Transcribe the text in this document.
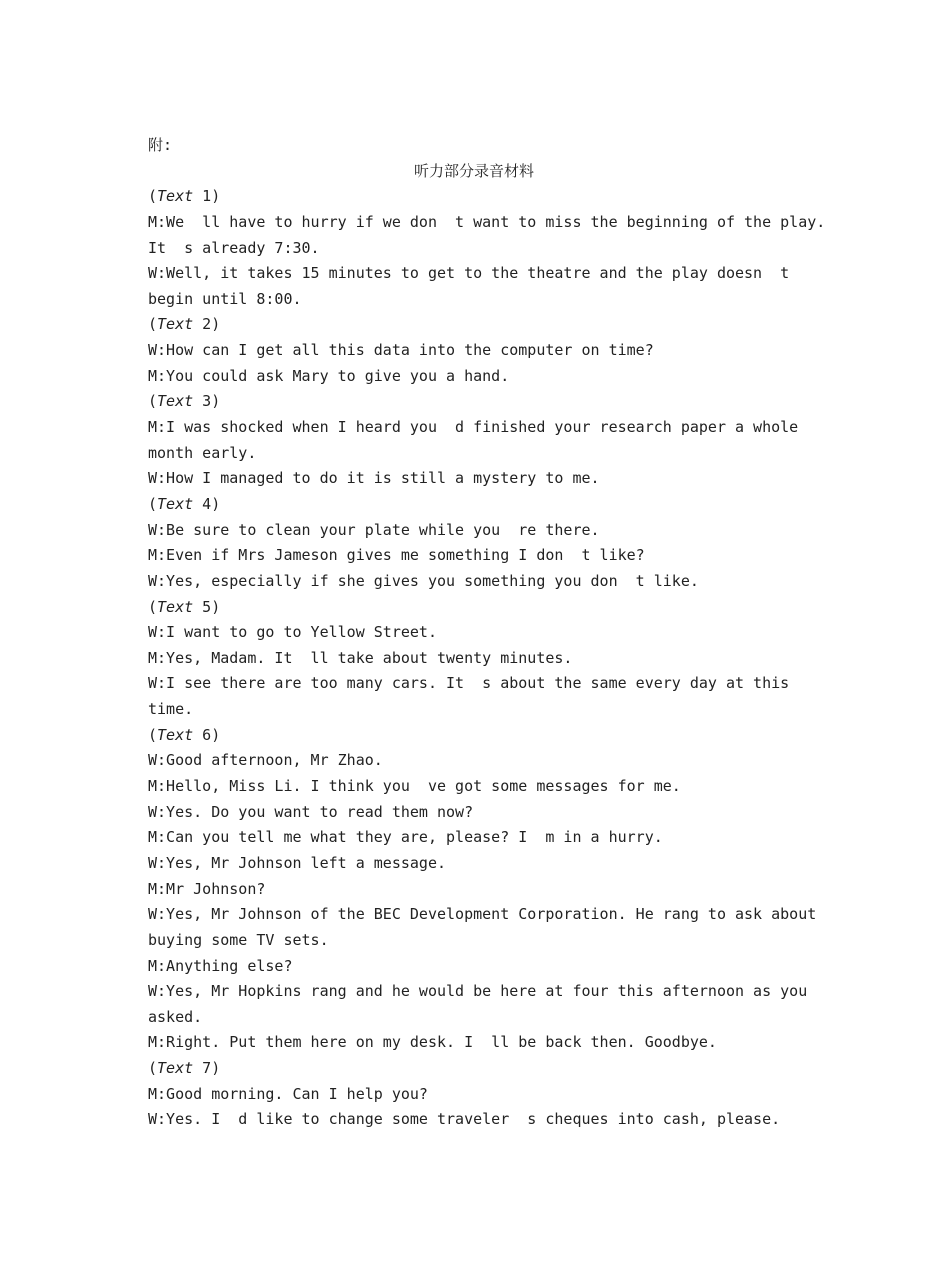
附:
听力部分录音材料
(Text 1)
M:We  ll have to hurry if we don  t want to miss the beginning of the play.
It  s already 7:30.
W:Well, it takes 15 minutes to get to the theatre and the play doesn  t
begin until 8:00.
(Text 2)
W:How can I get all this data into the computer on time?
M:You could ask Mary to give you a hand.
(Text 3)
M:I was shocked when I heard you  d finished your research paper a whole
month early.
W:How I managed to do it is still a mystery to me.
(Text 4)
W:Be sure to clean your plate while you  re there.
M:Even if Mrs Jameson gives me something I don  t like?
W:Yes, especially if she gives you something you don  t like.
(Text 5)
W:I want to go to Yellow Street.
M:Yes, Madam. It  ll take about twenty minutes.
W:I see there are too many cars. It  s about the same every day at this
time.
(Text 6)
W:Good afternoon, Mr Zhao.
M:Hello, Miss Li. I think you  ve got some messages for me.
W:Yes. Do you want to read them now?
M:Can you tell me what they are, please? I  m in a hurry.
W:Yes, Mr Johnson left a message.
M:Mr Johnson?
W:Yes, Mr Johnson of the BEC Development Corporation. He rang to ask about
buying some TV sets.
M:Anything else?
W:Yes, Mr Hopkins rang and he would be here at four this afternoon as you
asked.
M:Right. Put them here on my desk. I  ll be back then. Goodbye.
(Text 7)
M:Good morning. Can I help you?
W:Yes. I  d like to change some traveler  s cheques into cash, please.
